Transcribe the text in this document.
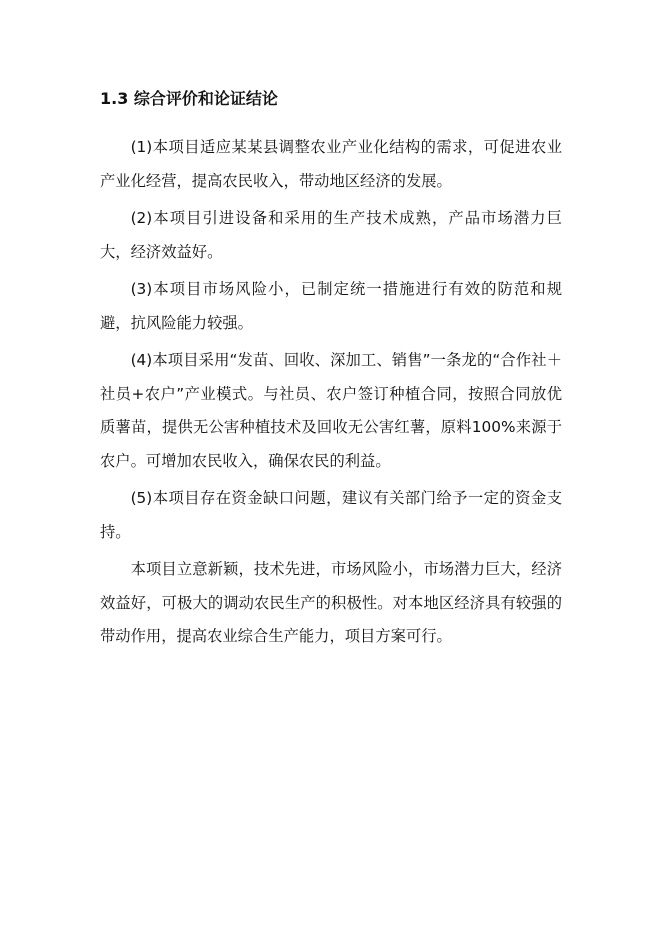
1.3 综合评价和论证结论

(1)本项目适应某某县调整农业产业化结构的需求，可促进农业产业化经营，提高农民收入，带动地区经济的发展。

(2)本项目引进设备和采用的生产技术成熟，产品市场潜力巨大，经济效益好。

(3)本项目市场风险小，已制定统一措施进行有效的防范和规避，抗风险能力较强。

(4)本项目采用“发苗、回收、深加工、销售”一条龙的“合作社＋社员+农户”产业模式。与社员、农户签订种植合同，按照合同放优质薯苗，提供无公害种植技术及回收无公害红薯，原料100%来源于农户。可增加农民收入，确保农民的利益。

(5)本项目存在资金缺口问题，建议有关部门给予一定的资金支持。

本项目立意新颖，技术先进，市场风险小，市场潜力巨大，经济效益好，可极大的调动农民生产的积极性。对本地区经济具有较强的带动作用，提高农业综合生产能力，项目方案可行。
